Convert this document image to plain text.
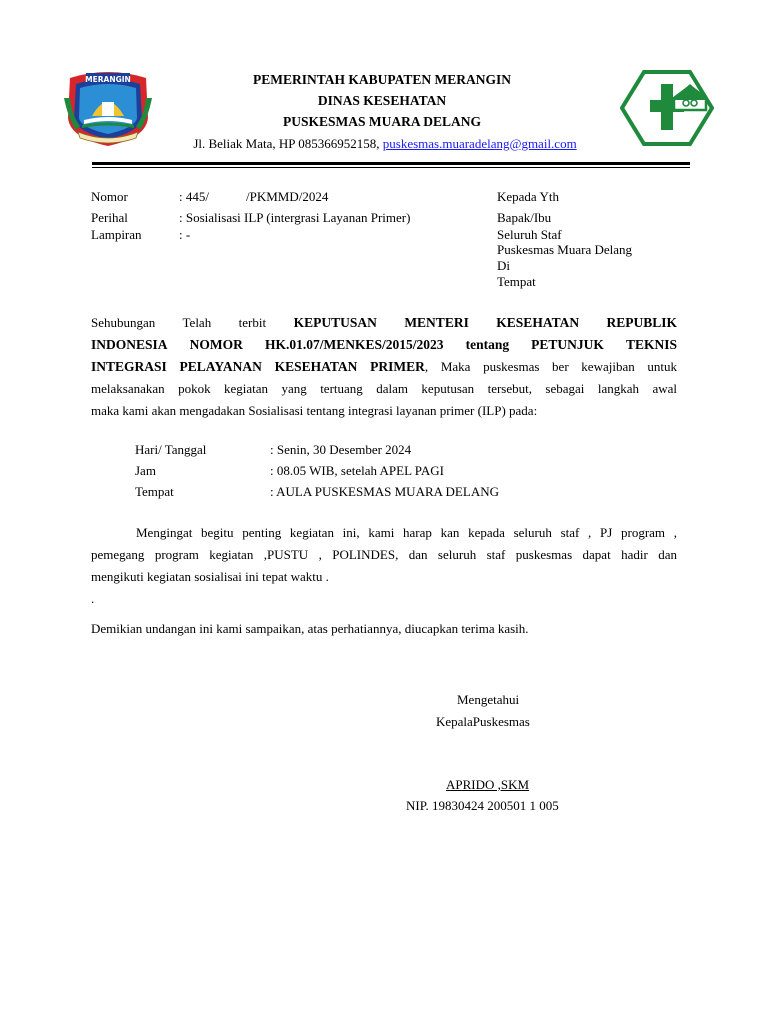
MERANGIN	PEMERINTAH KABUPATEN MERANGIN
DINAS KESEHATAN
PUSKESMAS MUARA DELANG
Jl. Beliak Mata, HP 085366952158, puskesmas.muaradelang@gmail.com
Nomor	: 445/	/PKMMD/2024
Perihal	: Sosialisasi ILP (intergrasi Layanan Primer)
Lampiran	: -
Kepada Yth
Bapak/Ibu
Seluruh Staf
Puskesmas Muara Delang
Di
Tempat
Sehubungan Telah terbit KEPUTUSAN MENTERI KESEHATAN REPUBLIK
INDONESIA NOMOR HK.01.07/MENKES/2015/2023 tentang PETUNJUK TEKNIS
INTEGRASI PELAYANAN KESEHATAN PRIMER, Maka puskesmas ber kewajiban untuk
melaksanakan pokok kegiatan yang tertuang dalam keputusan tersebut, sebagai langkah awal
maka kami akan mengadakan Sosialisasi tentang integrasi layanan primer (ILP) pada:
Hari/ Tanggal	: Senin, 30 Desember 2024
Jam	: 08.05 WIB, setelah APEL PAGI
Tempat	: AULA PUSKESMAS MUARA DELANG
Mengingat begitu penting kegiatan ini, kami harap kan kepada seluruh staf , PJ program ,
pemegang program kegiatan ,PUSTU , POLINDES, dan seluruh staf puskesmas dapat hadir dan
mengikuti kegiatan sosialisai ini tepat waktu .
.
Demikian undangan ini kami sampaikan, atas perhatiannya, diucapkan terima kasih.
Mengetahui
KepalaPuskesmas
APRIDO ,SKM
NIP. 19830424 200501 1 005
